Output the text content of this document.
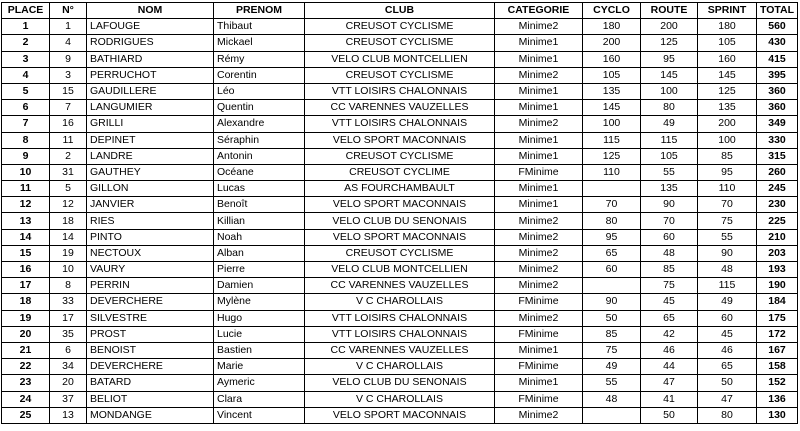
PLACE	N°	NOM	PRENOM	CLUB	CATEGORIE	CYCLO	ROUTE	SPRINT	TOTAL
1	1	LAFOUGE	Thibaut	CREUSOT CYCLISME	Minime2	180	200	180	560
2	4	RODRIGUES	Mickael	CREUSOT CYCLISME	Minime1	200	125	105	430
3	9	BATHIARD	Rémy	VELO CLUB MONTCELLIEN	Minime1	160	95	160	415
4	3	PERRUCHOT	Corentin	CREUSOT CYCLISME	Minime2	105	145	145	395
5	15	GAUDILLERE	Léo	VTT LOISIRS CHALONNAIS	Minime1	135	100	125	360
6	7	LANGUMIER	Quentin	CC VARENNES VAUZELLES	Minime1	145	80	135	360
7	16	GRILLI	Alexandre	VTT LOISIRS CHALONNAIS	Minime2	100	49	200	349
8	11	DEPINET	Séraphin	VELO SPORT MACONNAIS	Minime1	115	115	100	330
9	2	LANDRE	Antonin	CREUSOT CYCLISME	Minime1	125	105	85	315
10	31	GAUTHEY	Océane	CREUSOT CYCLIME	FMinime	110	55	95	260
11	5	GILLON	Lucas	AS FOURCHAMBAULT	Minime1		135	110	245
12	12	JANVIER	Benoît	VELO SPORT MACONNAIS	Minime1	70	90	70	230
13	18	RIES	Killian	VELO CLUB DU SENONAIS	Minime2	80	70	75	225
14	14	PINTO	Noah	VELO SPORT MACONNAIS	Minime2	95	60	55	210
15	19	NECTOUX	Alban	CREUSOT CYCLISME	Minime2	65	48	90	203
16	10	VAURY	Pierre	VELO CLUB MONTCELLIEN	Minime2	60	85	48	193
17	8	PERRIN	Damien	CC VARENNES VAUZELLES	Minime2		75	115	190
18	33	DEVERCHERE	Mylène	V C CHAROLLAIS	FMinime	90	45	49	184
19	17	SILVESTRE	Hugo	VTT LOISIRS CHALONNAIS	Minime2	50	65	60	175
20	35	PROST	Lucie	VTT LOISIRS CHALONNAIS	FMinime	85	42	45	172
21	6	BENOIST	Bastien	CC VARENNES VAUZELLES	Minime1	75	46	46	167
22	34	DEVERCHERE	Marie	V C CHAROLLAIS	FMinime	49	44	65	158
23	20	BATARD	Aymeric	VELO CLUB DU SENONAIS	Minime1	55	47	50	152
24	37	BELIOT	Clara	V C CHAROLLAIS	FMinime	48	41	47	136
25	13	MONDANGE	Vincent	VELO SPORT MACONNAIS	Minime2		50	80	130
